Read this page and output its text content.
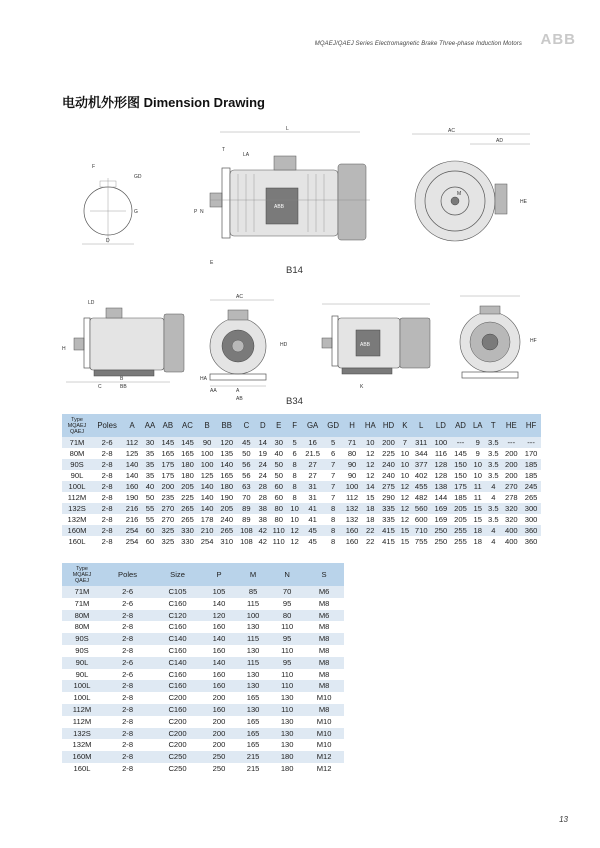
MQAEJ/QAEJ Series Electromagnetic Brake Three-phase Induction Motors ABB
电动机外形图 Dimension Drawing
F
GD
G
D
L
T
LA
ABB
E
P N
B14
AC
AD
HE
M
LD
BB
B
C
H
AC
A
AB
AA
HD
HA
ABB
K
HF
B34
Type
MQAEJ
QAEJ	Poles	A	AA	AB	AC	B	BB	C	D	E	F	GA	GD	H	HA	HD	K	L	LD	AD	LA	T	HE	HF
71M	2-6	112	30	145	145	90	120	45	14	30	5	16	5	71	10	200	7	311	100	---	9	3.5	---	---
80M	2-8	125	35	165	165	100	135	50	19	40	6	21.5	6	80	12	225	10	344	116	145	9	3.5	200	170
90S	2-8	140	35	175	180	100	140	56	24	50	8	27	7	90	12	240	10	377	128	150	10	3.5	200	185
90L	2-8	140	35	175	180	125	165	56	24	50	8	27	7	90	12	240	10	402	128	150	10	3.5	200	185
100L	2-8	160	40	200	205	140	180	63	28	60	8	31	7	100	14	275	12	455	138	175	11	4	270	245
112M	2-8	190	50	235	225	140	190	70	28	60	8	31	7	112	15	290	12	482	144	185	11	4	278	265
132S	2-8	216	55	270	265	140	205	89	38	80	10	41	8	132	18	335	12	560	169	205	15	3.5	320	300
132M	2-8	216	55	270	265	178	240	89	38	80	10	41	8	132	18	335	12	600	169	205	15	3.5	320	300
160M	2-8	254	60	325	330	210	265	108	42	110	12	45	8	160	22	415	15	710	250	255	18	4	400	360
160L	2-8	254	60	325	330	254	310	108	42	110	12	45	8	160	22	415	15	755	250	255	18	4	400	360
Type
MQAEJ
QAEJ	Poles	Size	P	M	N	S
71M	2-6	C105	105	85	70	M6
71M	2-6	C160	140	115	95	M8
80M	2-8	C120	120	100	80	M6
80M	2-8	C160	160	130	110	M8
90S	2-8	C140	140	115	95	M8
90S	2-8	C160	160	130	110	M8
90L	2-6	C140	140	115	95	M8
90L	2-6	C160	160	130	110	M8
100L	2-8	C160	160	130	110	M8
100L	2-8	C200	200	165	130	M10
112M	2-8	C160	160	130	110	M8
112M	2-8	C200	200	165	130	M10
132S	2-8	C200	200	165	130	M10
132M	2-8	C200	200	165	130	M10
160M	2-8	C250	250	215	180	M12
160L	2-8	C250	250	215	180	M12
13
